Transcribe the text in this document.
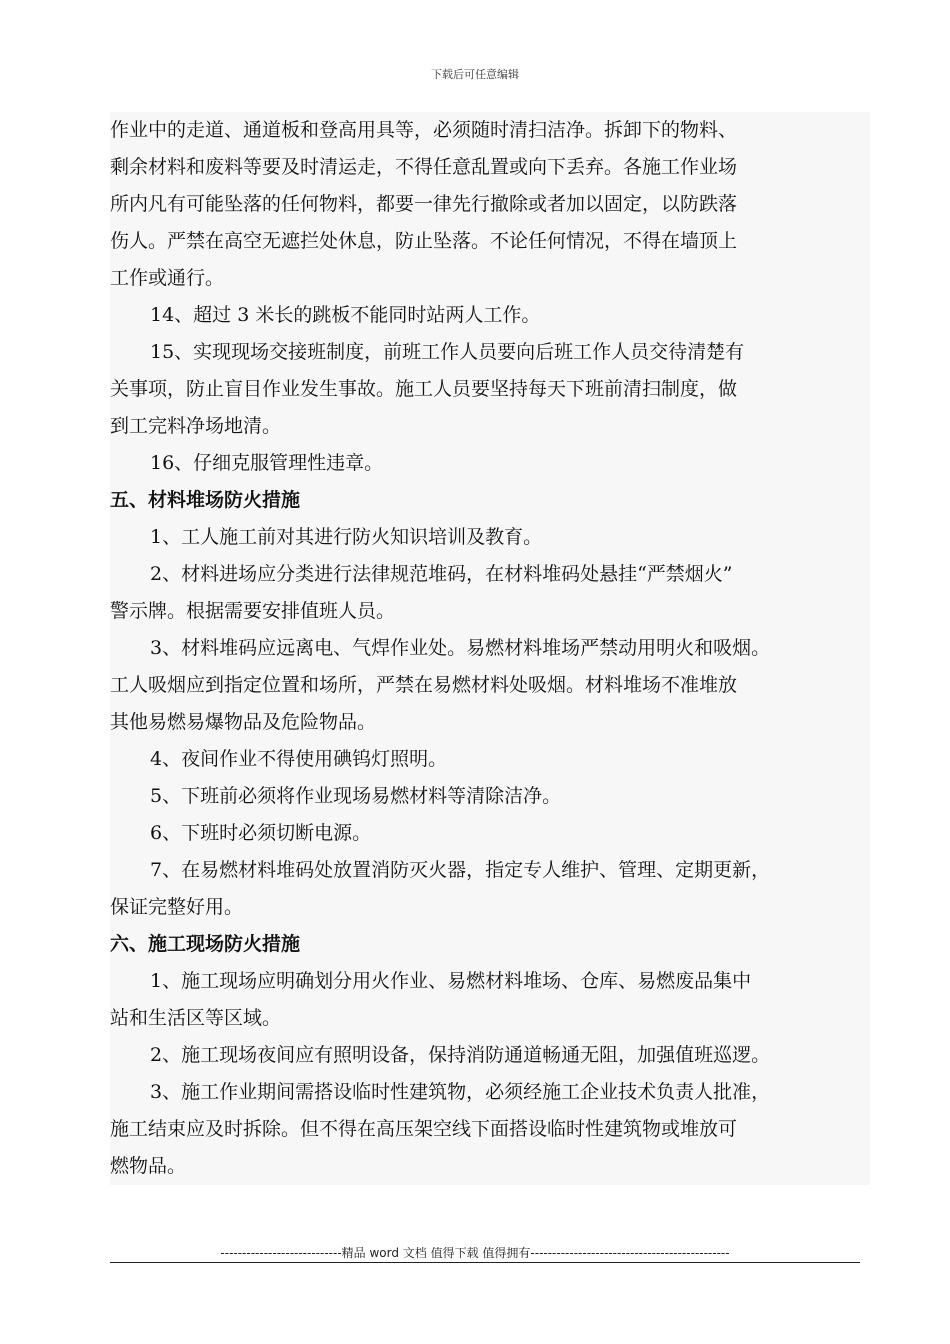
下载后可任意编辑
作业中的走道、通道板和登高用具等，必须随时清扫洁净。拆卸下的物料、
剩余材料和废料等要及时清运走，不得任意乱置或向下丢弃。各施工作业场
所内凡有可能坠落的任何物料，都要一律先行撤除或者加以固定，以防跌落
伤人。严禁在高空无遮拦处休息，防止坠落。不论任何情况，不得在墙顶上
工作或通行。
14、超过 3 米长的跳板不能同时站两人工作。
15、实现现场交接班制度，前班工作人员要向后班工作人员交待清楚有
关事项，防止盲目作业发生事故。施工人员要坚持每天下班前清扫制度，做
到工完料净场地清。
16、仔细克服管理性违章。
五、材料堆场防火措施
1、工人施工前对其进行防火知识培训及教育。
2、材料进场应分类进行法律规范堆码，在材料堆码处悬挂“严禁烟火”
警示牌。根据需要安排值班人员。
3、材料堆码应远离电、气焊作业处。易燃材料堆场严禁动用明火和吸烟。
工人吸烟应到指定位置和场所，严禁在易燃材料处吸烟。材料堆场不准堆放
其他易燃易爆物品及危险物品。
4、夜间作业不得使用碘钨灯照明。
5、下班前必须将作业现场易燃材料等清除洁净。
6、下班时必须切断电源。
7、在易燃材料堆码处放置消防灭火器，指定专人维护、管理、定期更新，
保证完整好用。
六、施工现场防火措施
1、施工现场应明确划分用火作业、易燃材料堆场、仓库、易燃废品集中
站和生活区等区域。
2、施工现场夜间应有照明设备，保持消防通道畅通无阻，加强值班巡逻。
3、施工作业期间需搭设临时性建筑物，必须经施工企业技术负责人批准，
施工结束应及时拆除。但不得在高压架空线下面搭设临时性建筑物或堆放可
燃物品。
----------------------------精品 word 文档 值得下载 值得拥有----------------------------------------------
